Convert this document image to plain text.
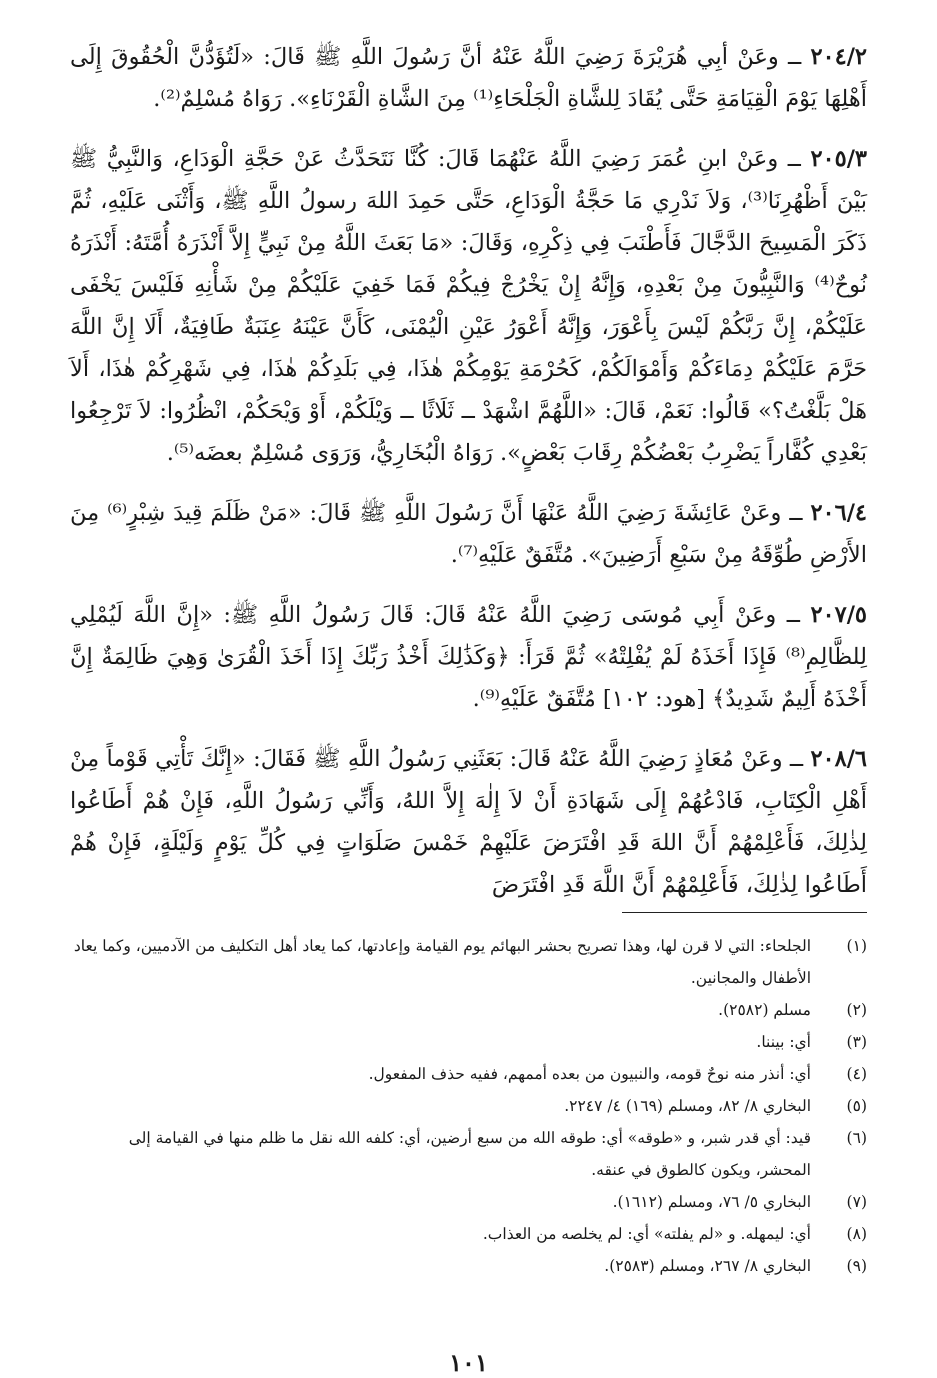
٢٠٤/٢ ــ وعَنْ أبِي هُرَيْرَةَ رَضِيَ اللَّهُ عَنْهُ أنَّ رَسُولَ اللَّهِ ﷺ قَالَ: «لَتُؤَدُّنَّ الْحُقُوقَ إِلَى أَهْلِهَا يَوْمَ الْقِيَامَةِ حَتَّى يُقَادَ لِلشَّاةِ الْجَلْحَاءِ⁽¹⁾ مِنَ الشَّاةِ الْقَرْنَاءِ». رَوَاهُ مُسْلِمٌ⁽²⁾.

٢٠٥/٣ ــ وعَنْ ابنِ عُمَرَ رَضِيَ اللَّهُ عَنْهُمَا قَالَ: كُنَّا نَتَحَدَّثُ عَنْ حَجَّةِ الْوَدَاعِ، وَالنَّبِيُّ ﷺ بَيْنَ أَظْهُرِنَا⁽³⁾، وَلاَ نَدْرِي مَا حَجَّةُ الْوَدَاعِ، حَتَّى حَمِدَ اللهَ رسولُ اللَّهِ ﷺ، وَأَثْنَى عَلَيْهِ، ثُمَّ ذَكَرَ الْمَسِيحَ الدَّجَّالَ فَأَطْنَبَ فِي ذِكْرِهِ، وَقَالَ: «مَا بَعَثَ اللَّهُ مِنْ نَبِيٍّ إِلاَّ أَنْذَرَهُ أُمَّتَهُ: أَنْذَرَهُ نُوحٌ⁽⁴⁾ وَالنَّبِيُّونَ مِنْ بَعْدِهِ، وَإِنَّهُ إِنْ يَخْرُجْ فِيكُمْ فَمَا خَفِيَ عَلَيْكُمْ مِنْ شَأْنِهِ فَلَيْسَ يَخْفَى عَلَيْكُمْ، إِنَّ رَبَّكُمْ لَيْسَ بِأَعْوَرَ، وَإِنَّهُ أَعْوَرُ عَيْنِ الْيُمْنَى، كَأَنَّ عَيْنَهُ عِنَبَةٌ طَافِيَةٌ، أَلَا إِنَّ اللَّهَ حَرَّمَ عَلَيْكُمْ دِمَاءَكُمْ وَأَمْوَالَكُمْ، كَحُرْمَةِ يَوْمِكُمْ هٰذَا، فِي بَلَدِكُمْ هٰذَا، فِي شَهْرِكُمْ هٰذَا، أَلاَ هَلْ بَلَّغْتُ؟» قَالُوا: نَعَمْ، قَالَ: «اللَّهُمَّ اشْهَدْ ــ ثَلَاثًا ــ وَيْلَكُمْ، أَوْ وَيْحَكُمْ، انْظُرُوا: لاَ تَرْجِعُوا بَعْدِي كُفَّاراً يَضْرِبُ بَعْضُكُمْ رِقَابَ بَعْضٍ». رَوَاهُ الْبُخَارِيُّ، وَرَوَى مُسْلِمٌ بعضَه⁽⁵⁾.

٢٠٦/٤ ــ وعَنْ عَائِشَةَ رَضِيَ اللَّهُ عَنْهَا أَنَّ رَسُولَ اللَّهِ ﷺ قَالَ: «مَنْ ظَلَمَ قِيدَ شِبْرٍ⁽⁶⁾ مِنَ الأَرْضِ طُوِّقَهُ مِنْ سَبْعِ أَرَضِينَ». مُتَّفَقٌ عَلَيْهِ⁽⁷⁾.

٢٠٧/٥ ــ وعَنْ أَبِي مُوسَى رَضِيَ اللَّهُ عَنْهُ قَالَ: قَالَ رَسُولُ اللَّهِ ﷺ: «إِنَّ اللَّهَ لَيُمْلِي لِلظَّالِمِ⁽⁸⁾ فَإِذَا أَخَذَهُ لَمْ يُفْلِتْهُ» ثُمَّ قَرَأَ: ﴿وَكَذَٰلِكَ أَخْذُ رَبِّكَ إِذَا أَخَذَ الْقُرَىٰ وَهِيَ ظَالِمَةٌ إِنَّ أَخْذَهُ أَلِيمٌ شَدِيدٌ﴾ [هود: ١٠٢] مُتَّفَقٌ عَلَيْهِ⁽⁹⁾.

٢٠٨/٦ ــ وعَنْ مُعَاذٍ رَضِيَ اللَّهُ عَنْهُ قَالَ: بَعَثَنِي رَسُولُ اللَّهِ ﷺ فَقَالَ: «إِنَّكَ تَأْتِي قَوْماً مِنْ أَهْلِ الْكِتَابِ، فَادْعُهُمْ إِلَى شَهَادَةِ أَنْ لاَ إِلٰهَ إِلاَّ اللهُ، وَأَنِّي رَسُولُ اللَّهِ، فَإِنْ هُمْ أَطَاعُوا لِذٰلِكَ، فَأَعْلِمْهُمْ أَنَّ اللهَ قَدِ افْتَرَضَ عَلَيْهِمْ خَمْسَ صَلَوَاتٍ فِي كُلِّ يَوْمٍ وَلَيْلَةٍ، فَإِنْ هُمْ أَطَاعُوا لِذٰلِكَ، فَأَعْلِمْهُمْ أَنَّ اللَّهَ قَدِ افْتَرَضَ

(١)
الجلحاء: التي لا قرن لها، وهذا تصريح بحشر البهائم يوم القيامة وإعادتها، كما يعاد أهل التكليف من الآدميين، وكما يعاد الأطفال والمجانين.
(٢)
مسلم (٢٥٨٢).
(٣)
أي: بيننا.
(٤)
أي: أنذر منه نوحٌ قومه، والنبيون من بعده أممهم، ففيه حذف المفعول.
(٥)
البخاري ٨/ ٨٢، ومسلم (١٦٩) ٤/ ٢٢٤٧.
(٦)
قيد: أي قدر شبر، و «طوقه» أي: طوقه الله من سبع أرضين، أي: كلفه الله نقل ما ظلم منها في القيامة إلى المحشر، ويكون كالطوق في عنقه.
(٧)
البخاري ٥/ ٧٦، ومسلم (١٦١٢).
(٨)
أي: ليمهله. و «لم يفلته» أي: لم يخلصه من العذاب.
(٩)
البخاري ٨/ ٢٦٧، ومسلم (٢٥٨٣).
١٠١
